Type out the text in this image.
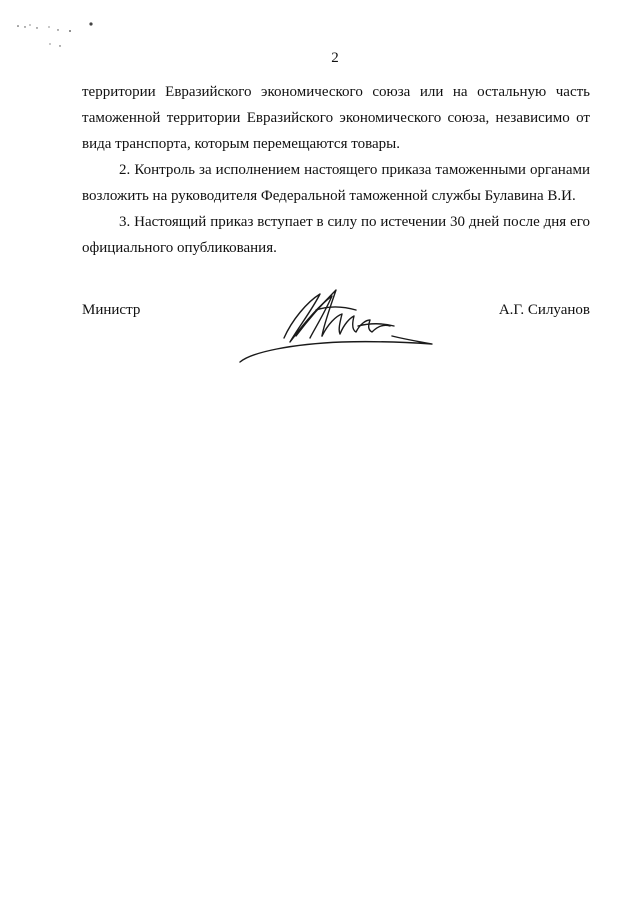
2

территории Евразийского экономического союза или на остальную часть
таможенной территории Евразийского экономического союза, независимо от
вида транспорта, которым перемещаются товары.

2. Контроль за исполнением настоящего приказа таможенными органами
возложить на руководителя Федеральной таможенной службы Булавина В.И.

3. Настоящий приказ вступает в силу по истечении 30 дней после дня его
официального опубликования.

Министр	А.Г. Силуанов
